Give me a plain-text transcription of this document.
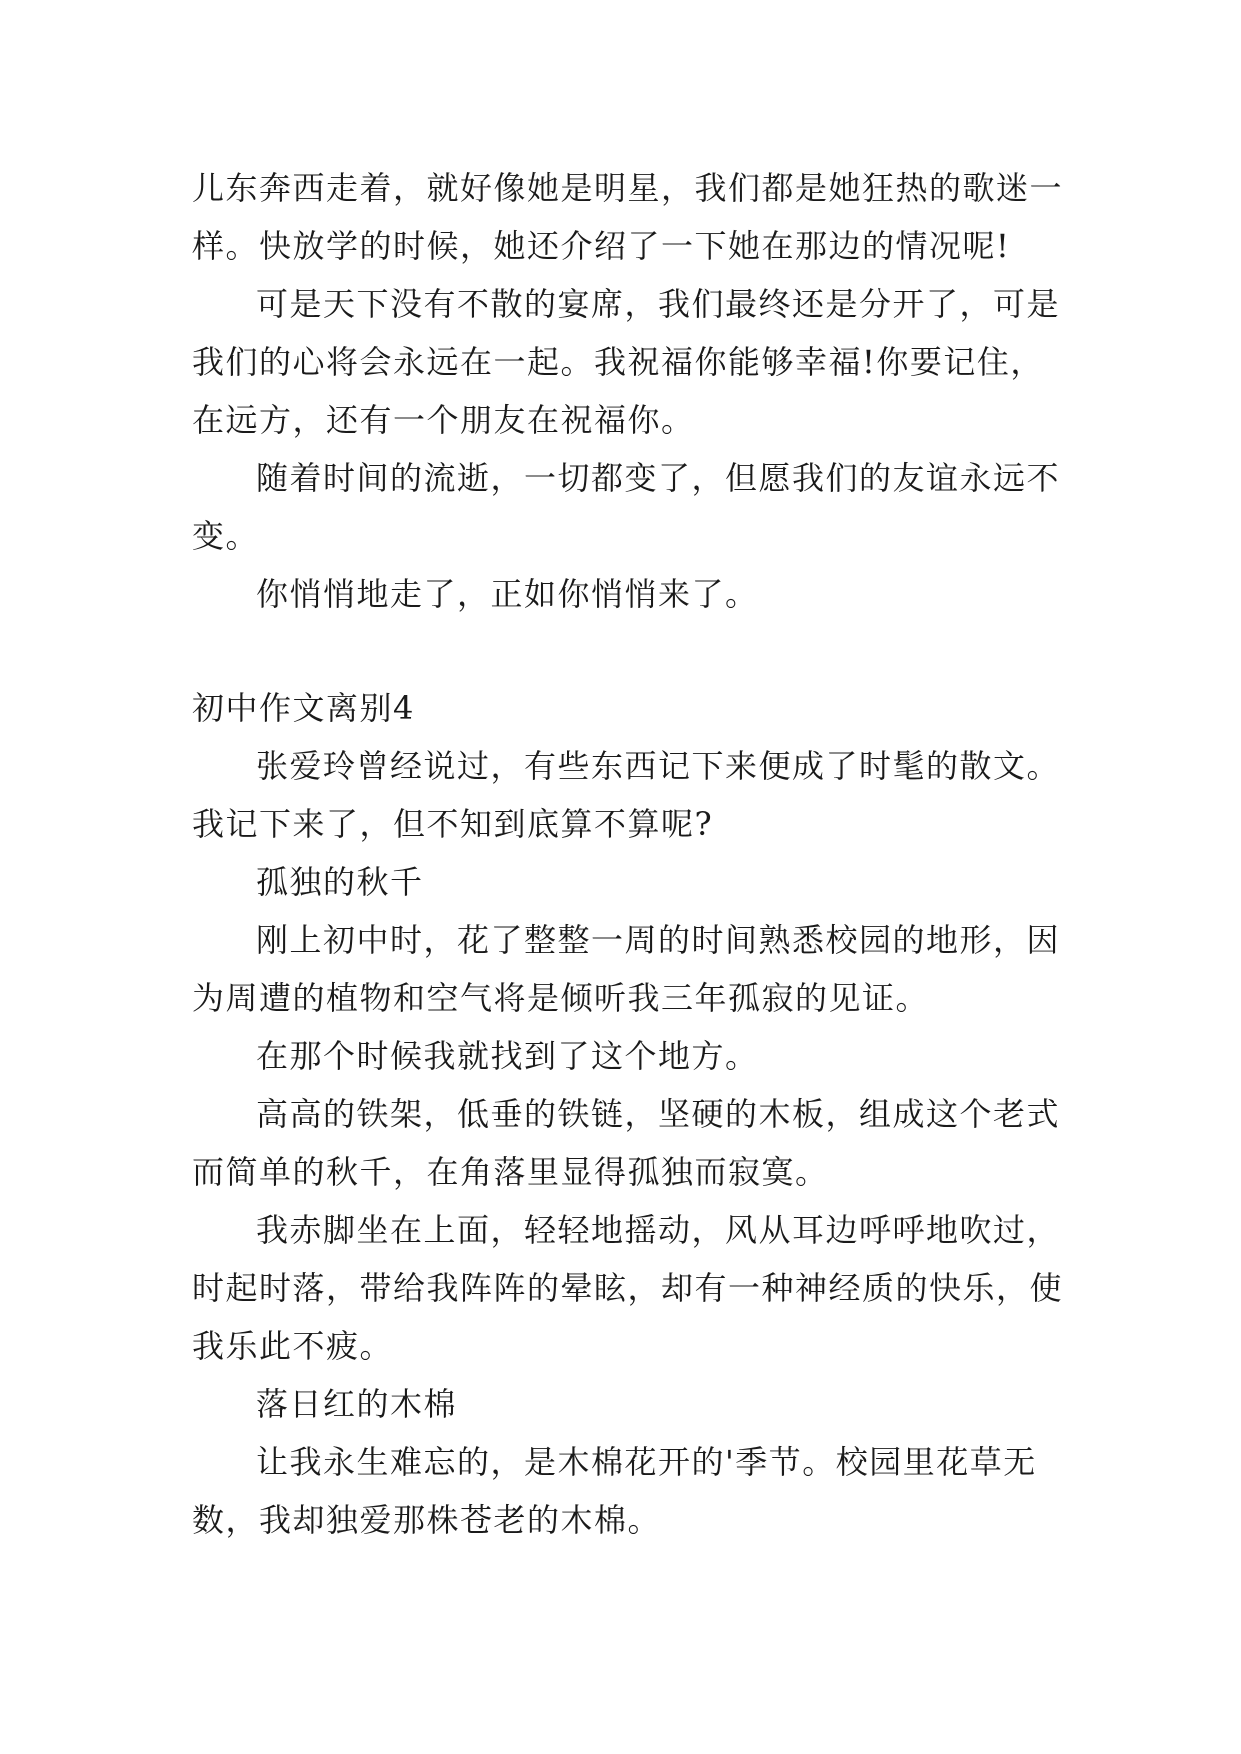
儿东奔西走着，就好像她是明星，我们都是她狂热的歌迷一
样。快放学的时候，她还介绍了一下她在那边的情况呢!
可是天下没有不散的宴席，我们最终还是分开了，可是
我们的心将会永远在一起。我祝福你能够幸福!你要记住，
在远方，还有一个朋友在祝福你。
随着时间的流逝，一切都变了，但愿我们的友谊永远不
变。
你悄悄地走了，正如你悄悄来了。
初中作文离别4
张爱玲曾经说过，有些东西记下来便成了时髦的散文。
我记下来了，但不知到底算不算呢?
孤独的秋千
刚上初中时，花了整整一周的时间熟悉校园的地形，因
为周遭的植物和空气将是倾听我三年孤寂的见证。
在那个时候我就找到了这个地方。
高高的铁架，低垂的铁链，坚硬的木板，组成这个老式
而简单的秋千，在角落里显得孤独而寂寞。
我赤脚坐在上面，轻轻地摇动，风从耳边呼呼地吹过，
时起时落，带给我阵阵的晕眩，却有一种神经质的快乐，使
我乐此不疲。
落日红的木棉
让我永生难忘的，是木棉花开的'季节。校园里花草无
数，我却独爱那株苍老的木棉。
